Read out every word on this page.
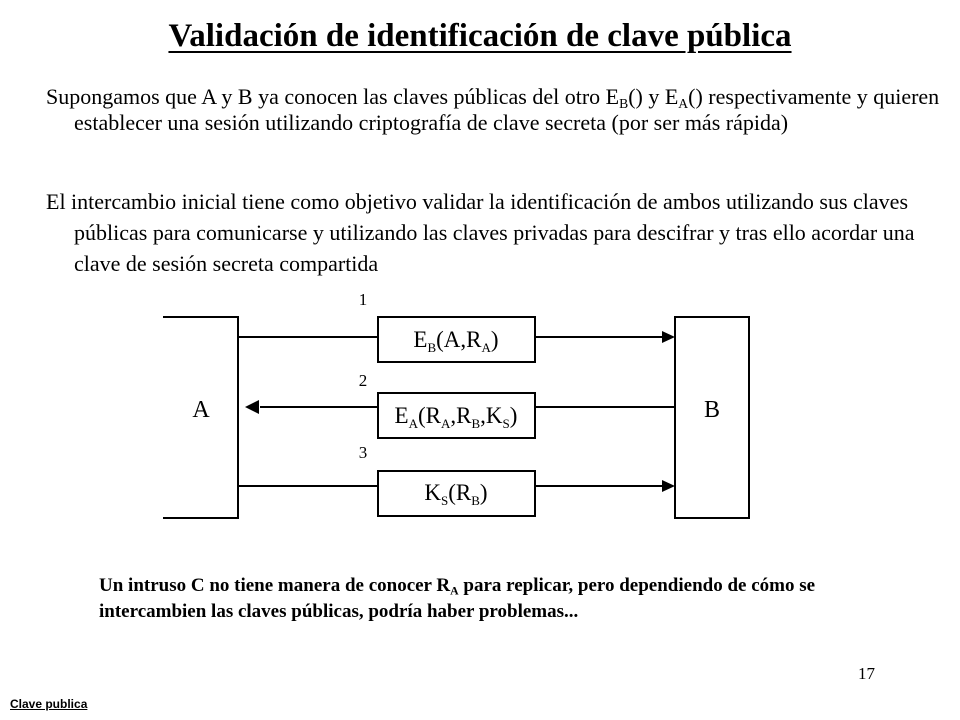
Validación de identificación de clave pública
Supongamos que A y B ya conocen las claves públicas del otro $E_B()$ y $E_A()$ respectivamente y quieren establecer una sesión utilizando criptografía de clave secreta (por ser más rápida)
El intercambio inicial tiene como objetivo validar la identificación de ambos utilizando sus claves públicas para comunicarse y utilizando las claves privadas para descifrar y tras ello acordar una clave de sesión secreta compartida
A	B
1
2
3
$E_B(A,R_A)$
$E_A(R_A,R_B,K_S)$
$K_S(R_B)$
Un intruso C no tiene manera de conocer $R_A$ para replicar, pero dependiendo de cómo se intercambien las claves públicas, podría haber problemas...
17
Clave publica
